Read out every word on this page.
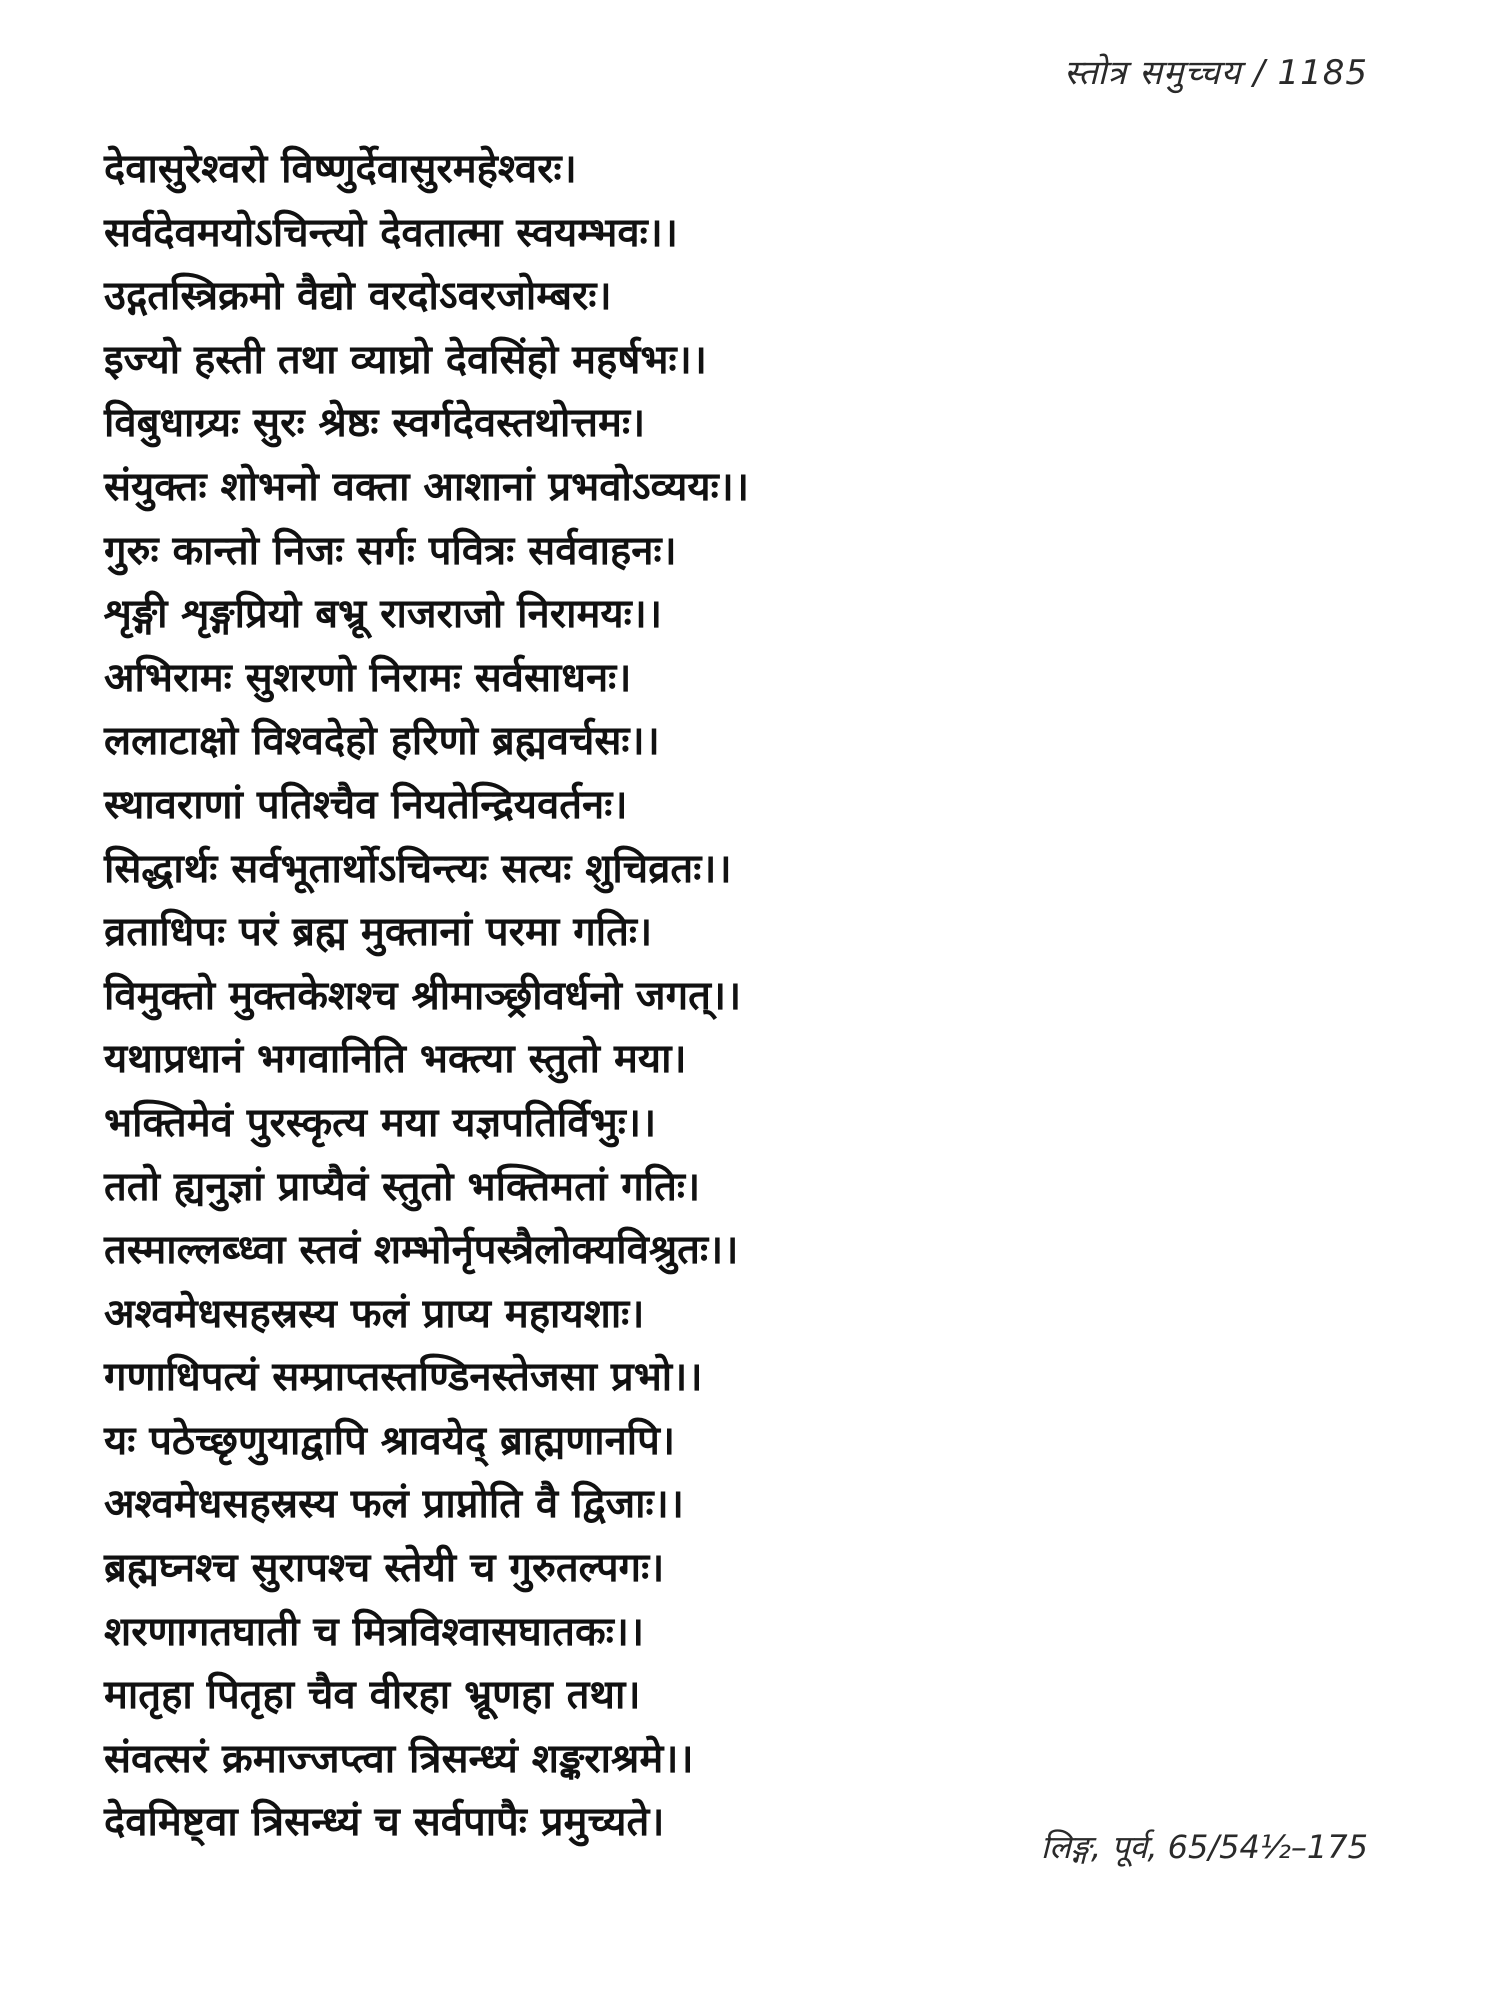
स्तोत्र समुच्चय / 1185
देवासुरेश्वरो विष्णुर्देवासुरमहेश्वरः।
सर्वदेवमयोऽचिन्त्यो देवतात्मा स्वयम्भवः।।
उद्गतस्त्रिक्रमो वैद्यो वरदोऽवरजोम्बरः।
इज्यो हस्ती तथा व्याघ्रो देवसिंहो महर्षभः।।
विबुधाग्र्यः सुरः श्रेष्ठः स्वर्गदेवस्तथोत्तमः।
संयुक्तः शोभनो वक्ता आशानां प्रभवोऽव्ययः।।
गुरुः कान्तो निजः सर्गः पवित्रः सर्ववाहनः।
शृङ्गी शृङ्गप्रियो बभ्रू राजराजो निरामयः।।
अभिरामः सुशरणो निरामः सर्वसाधनः।
ललाटाक्षो विश्वदेहो हरिणो ब्रह्मवर्चसः।।
स्थावराणां पतिश्चैव नियतेन्द्रियवर्तनः।
सिद्धार्थः सर्वभूतार्थोऽचिन्त्यः सत्यः शुचिव्रतः।।
व्रताधिपः परं ब्रह्म मुक्तानां परमा गतिः।
विमुक्तो मुक्तकेशश्च श्रीमाञ्छ्रीवर्धनो जगत्।।
यथाप्रधानं भगवानिति भक्त्या स्तुतो मया।
भक्तिमेवं पुरस्कृत्य मया यज्ञपतिर्विभुः।।
ततो ह्यनुज्ञां प्राप्यैवं स्तुतो भक्तिमतां गतिः।
तस्माल्लब्ध्वा स्तवं शम्भोर्नृपस्त्रैलोक्यविश्रुतः।।
अश्वमेधसहस्रस्य फलं प्राप्य महायशाः।
गणाधिपत्यं सम्प्राप्तस्तण्डिनस्तेजसा प्रभो।।
यः पठेच्छृणुयाद्वापि श्रावयेद् ब्राह्मणानपि।
अश्वमेधसहस्रस्य फलं प्राप्नोति वै द्विजाः।।
ब्रह्मघ्नश्च सुरापश्च स्तेयी च गुरुतल्पगः।
शरणागतघाती च मित्रविश्वासघातकः।।
मातृहा पितृहा चैव वीरहा भ्रूणहा तथा।
संवत्सरं क्रमाज्जप्त्वा त्रिसन्ध्यं शङ्कराश्रमे।।
देवमिष्ट्वा त्रिसन्ध्यं च सर्वपापैः प्रमुच्यते।
लिङ्ग, पूर्व, 65/54½–175
